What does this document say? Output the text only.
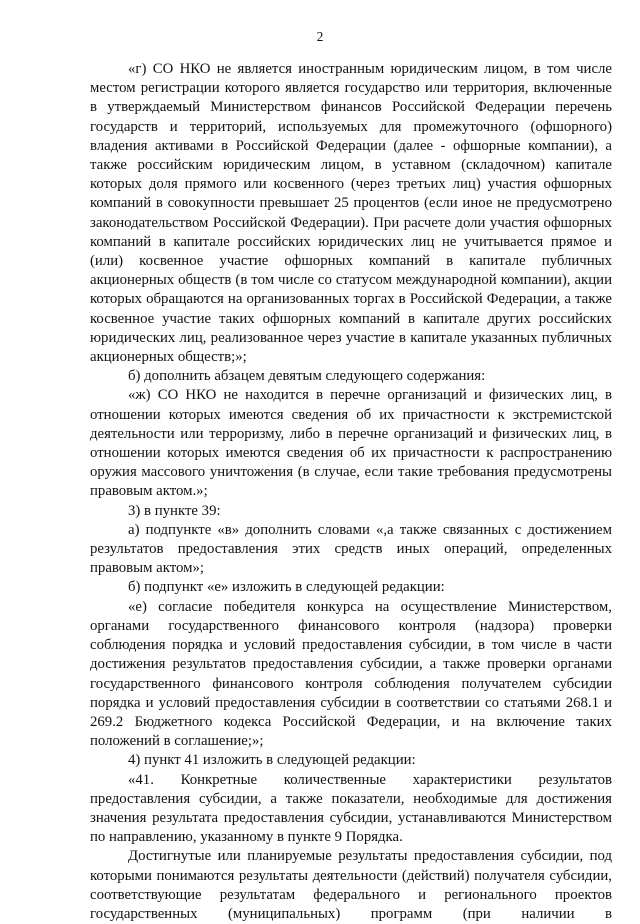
2

«г) СО НКО не является иностранным юридическим лицом, в том числе местом регистрации которого является государство или территория, включенные в утверждаемый Министерством финансов Российской Федерации перечень государств и территорий, используемых для промежуточного (офшорного) владения активами в Российской Федерации (далее - офшорные компании), а также российским юридическим лицом, в уставном (складочном) капитале которых доля прямого или косвенного (через третьих лиц) участия офшорных компаний в совокупности превышает 25 процентов (если иное не предусмотрено законодательством Российской Федерации). При расчете доли участия офшорных компаний в капитале российских юридических лиц не учитывается прямое и (или) косвенное участие офшорных компаний в капитале публичных акционерных обществ (в том числе со статусом международной компании), акции которых обращаются на организованных торгах в Российской Федерации, а также косвенное участие таких офшорных компаний в капитале других российских юридических лиц, реализованное через участие в капитале указанных публичных акционерных обществ;»;

б) дополнить абзацем девятым следующего содержания:

«ж) СО НКО не находится в перечне организаций и физических лиц, в отношении которых имеются сведения об их причастности к экстремистской деятельности или терроризму, либо в перечне организаций и физических лиц, в отношении которых имеются сведения об их причастности к распространению оружия массового уничтожения (в случае, если такие требования предусмотрены правовым актом.»;

3) в пункте 39:

а) подпункте «в» дополнить словами «,а также связанных с достижением результатов предоставления этих средств иных операций, определенных правовым актом»;

б) подпункт «е» изложить в следующей редакции:

«е) согласие победителя конкурса на осуществление Министерством, органами государственного финансового контроля (надзора) проверки соблюдения порядка и условий предоставления субсидии, в том числе в части достижения результатов предоставления субсидии, а также проверки органами государственного финансового контроля соблюдения получателем субсидии порядка и условий предоставления субсидии в соответствии со статьями 268.1 и 269.2 Бюджетного кодекса Российской Федерации, и на включение таких положений в соглашение;»;

4) пункт 41 изложить в следующей редакции:

«41. Конкретные количественные характеристики результатов предоставления субсидии, а также показатели, необходимые для достижения значения результата предоставления субсидии, устанавливаются Министерством по направлению, указанному в пункте 9 Порядка.

Достигнутые или планируемые результаты предоставления субсидии, под которыми понимаются результаты деятельности (действий) получателя субсидии, соответствующие результатам федерального и регионального проектов государственных (муниципальных) программ (при наличии в
